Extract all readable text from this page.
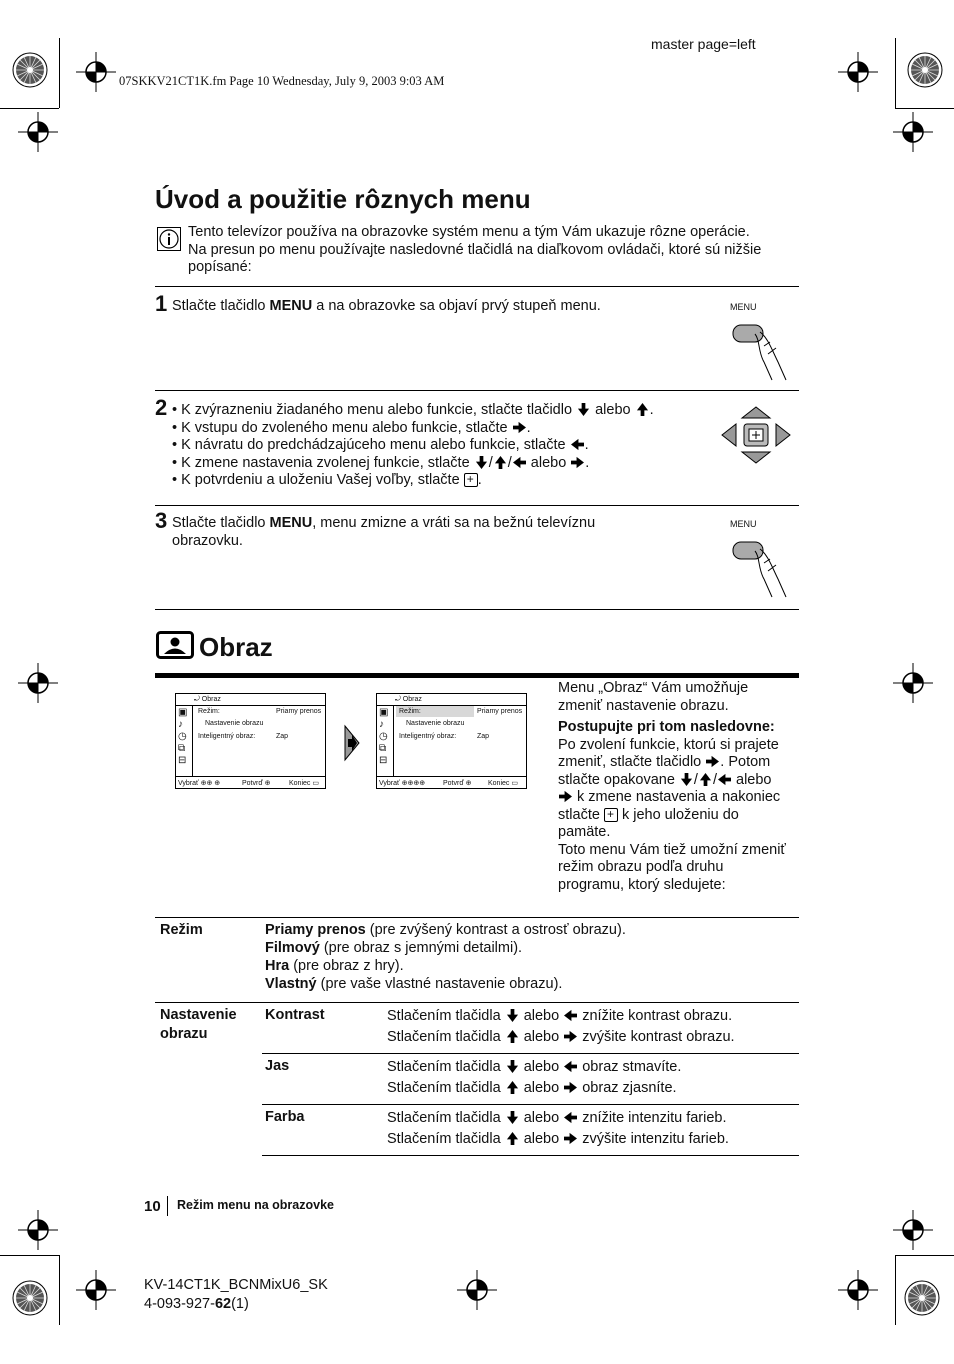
master page=left
07SKKV21CT1K.fm Page 10 Wednesday, July 9, 2003 9:03 AM
Úvod a použitie rôznych menu
Tento televízor používa na obrazovke systém menu a tým Vám ukazuje rôzne operácie.
Na presun po menu používajte nasledovné tlačidlá na diaľkovom ovládači, ktoré sú nižšie
popísané:
1 Stlačte tlačidlo MENU a na obrazovke sa objaví prvý stupeň menu.	MENU
2 • K zvýrazneniu žiadaného menu alebo funkcie, stlačte tlačidlo  alebo .
• K vstupu do zvoleného menu alebo funkcie, stlačte .
• K návratu do predchádzajúceho menu alebo funkcie, stlačte .
• K zmene nastavenia zvolenej funkcie, stlačte / / alebo .
• K potvrdeniu a uloženiu Vašej voľby, stlačte +.
3 Stlačte tlačidlo MENU, menu zmizne a vráti sa na bežnú televíznu
obrazovku.
MENU
Obraz
⤾ Obraz
▣
♪
◷
⧉
⊟
Režim:	Priamy prenos
Nastavenie obrazu
Inteligentný obraz:	Zap
Vybrať ⊕⊕ ⊕	Potvrď ⊕	Koniec ▭
⤾ Obraz
▣
♪
◷
⧉
⊟
Režim:	Priamy prenos
Nastavenie obrazu
Inteligentný obraz:	Zap
Vybrať ⊕⊕⊕⊕	Potvrď ⊕ Koniec ▭
Menu „Obraz“ Vám umožňuje
zmeniť nastavenie obrazu.
Postupujte pri tom nasledovne:
Po zvolení funkcie, ktorú si prajete
zmeniť, stlačte tlačidlo . Potom
stlačte opakovane / / alebo
k zmene nastavenia a nakoniec
stlačte + k jeho uloženiu do
pamäte.
Toto menu Vám tiež umožní zmeniť
režim obrazu podľa druhu
programu, ktorý sledujete:
Režim	Priamy prenos (pre zvýšený kontrast a ostrosť obrazu).
Filmový (pre obraz s jemnými detailmi).
Hra (pre obraz z hry).
Vlastný (pre vaše vlastné nastavenie obrazu).
Nastavenie
obrazu
Kontrast	Stlačením tlačidla  alebo  znížite kontrast obrazu.
Stlačením tlačidla  alebo  zvýšite kontrast obrazu.
Jas	Stlačením tlačidla  alebo  obraz stmavíte.
Stlačením tlačidla  alebo  obraz zjasníte.
Farba	Stlačením tlačidla  alebo  znížite intenzitu farieb.
Stlačením tlačidla  alebo  zvýšite intenzitu farieb.
10 Režim menu na obrazovke
KV-14CT1K_BCNMixU6_SK
4-093-927-62(1)
